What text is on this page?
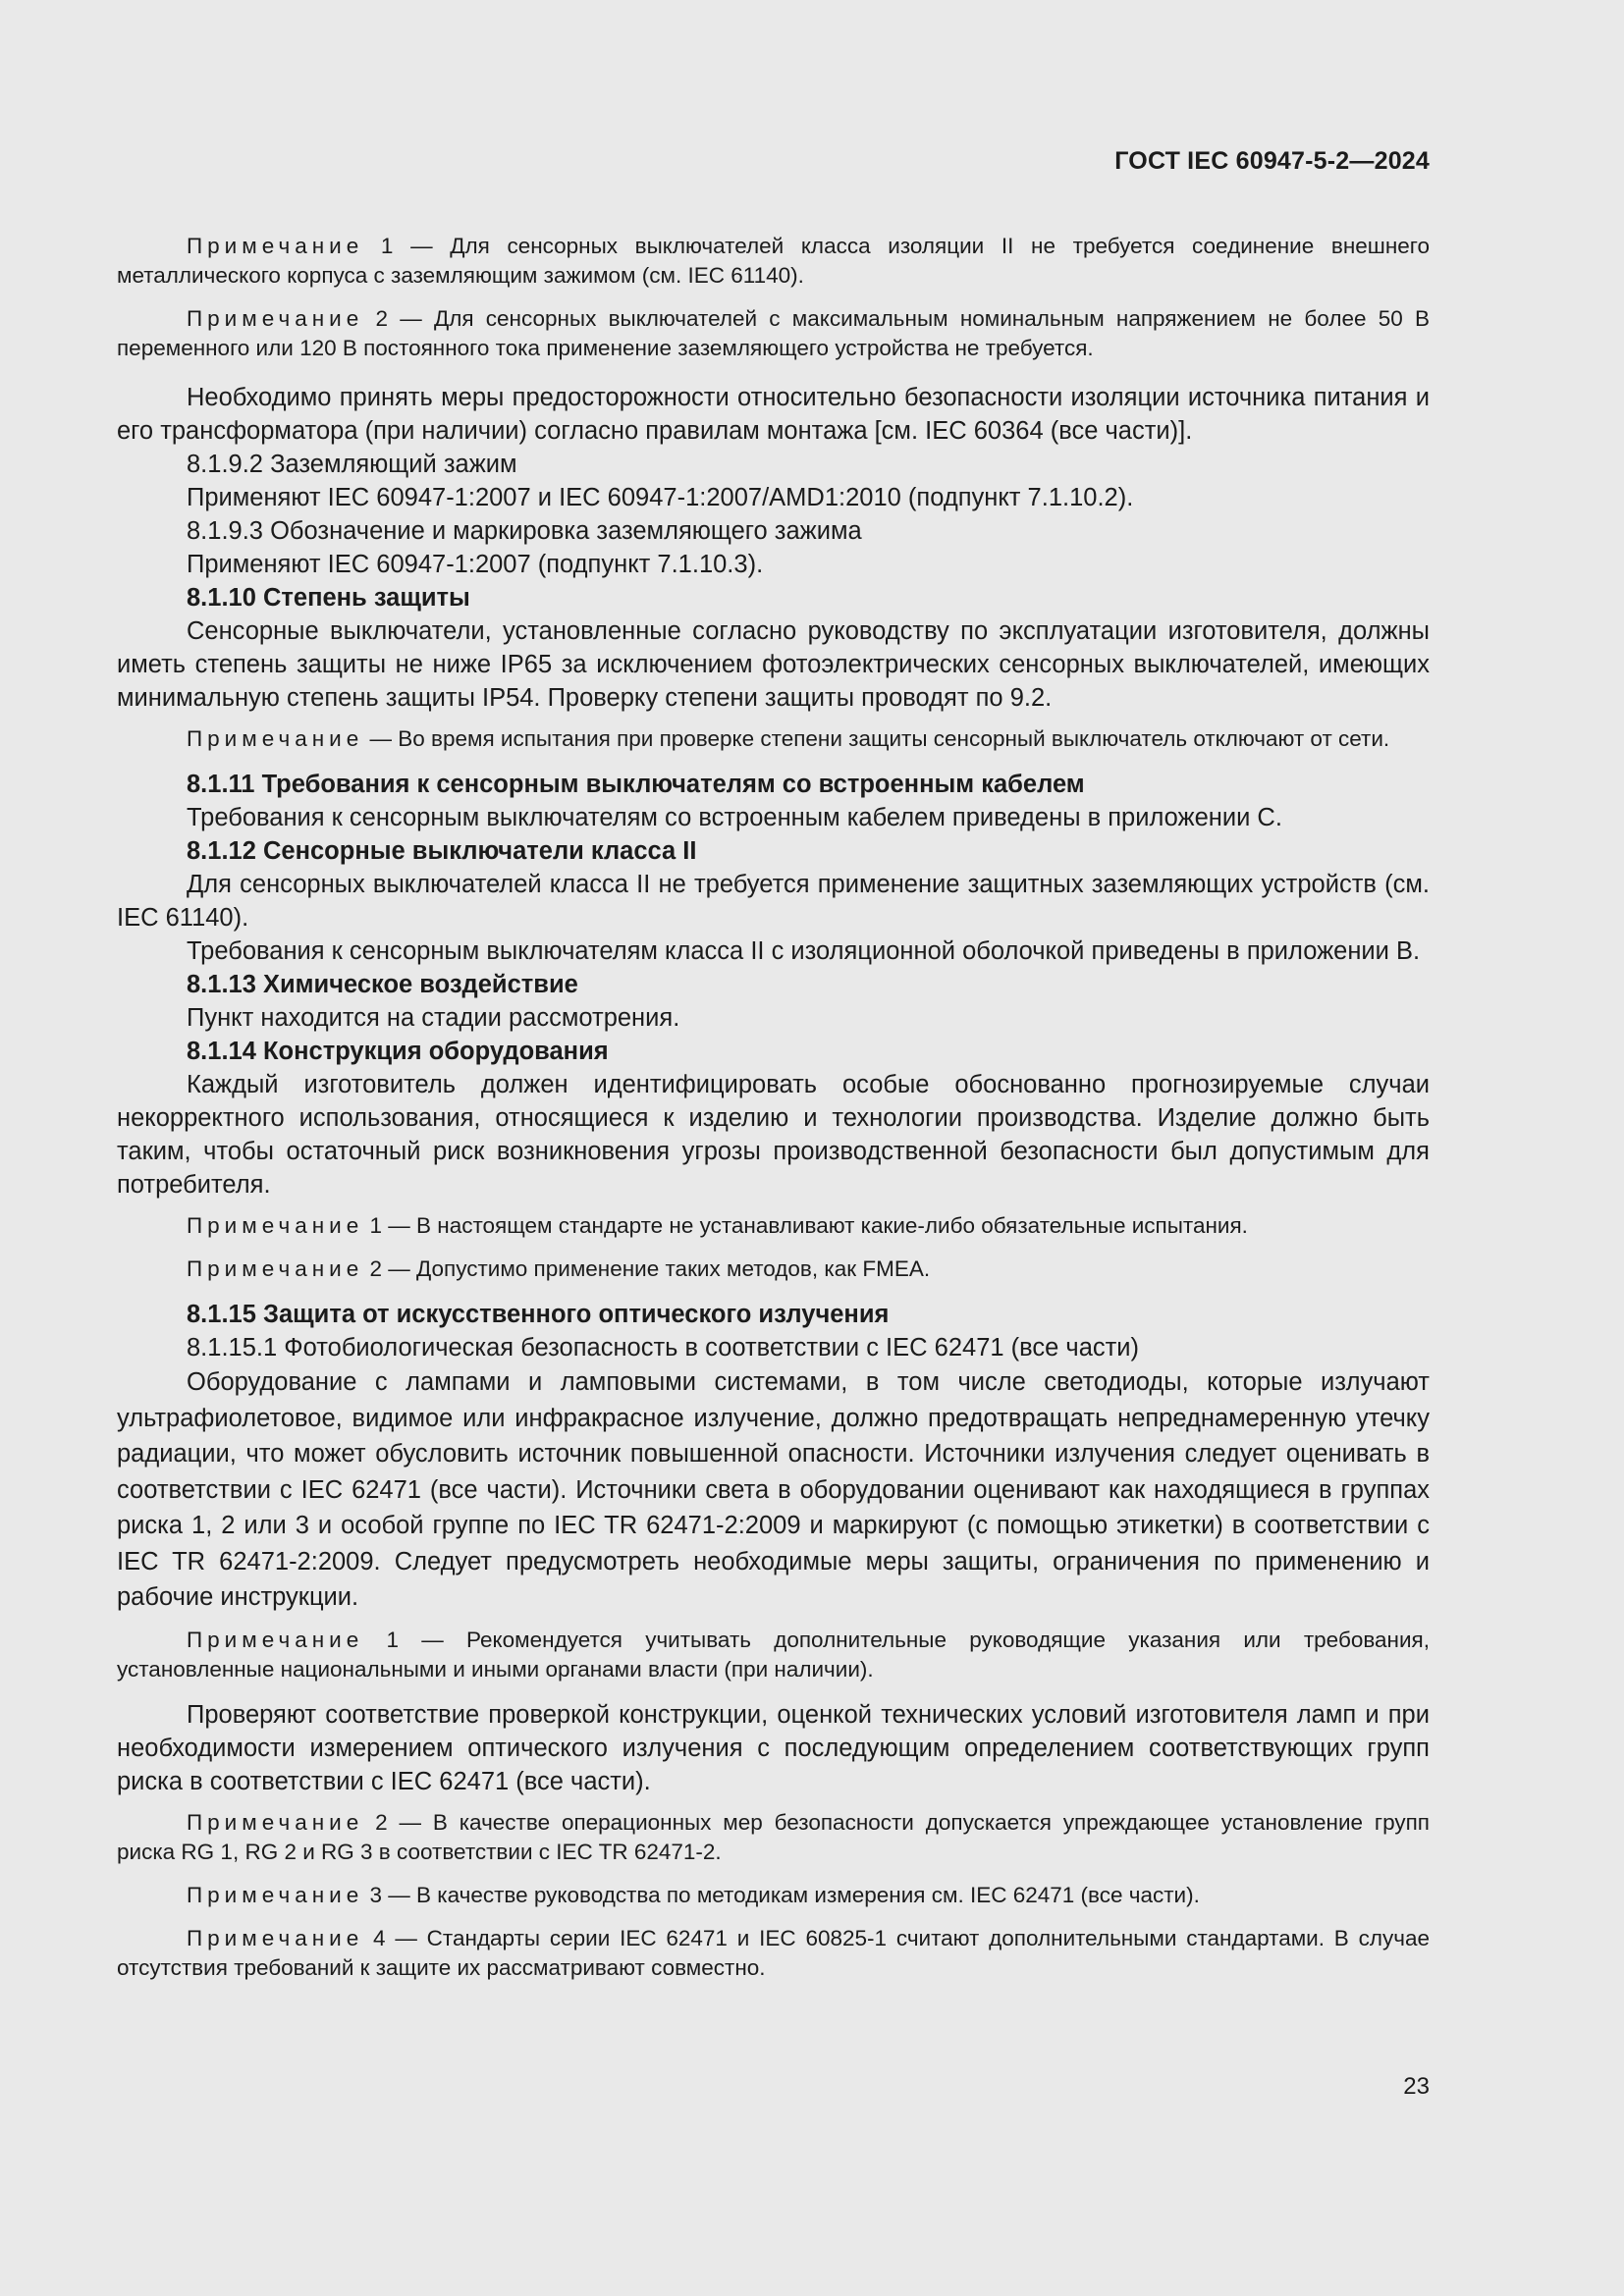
ГОСТ IEC 60947-5-2—2024
Примечание 1 — Для сенсорных выключателей класса изоляции II не требуется соединение внешнего металлического корпуса с заземляющим зажимом (см. IEC 61140).
Примечание 2 — Для сенсорных выключателей с максимальным номинальным напряжением не более 50 В переменного или 120 В постоянного тока применение заземляющего устройства не требуется.
Необходимо принять меры предосторожности относительно безопасности изоляции источника питания и его трансформатора (при наличии) согласно правилам монтажа [см. IEC 60364 (все части)].
8.1.9.2 Заземляющий зажим
Применяют IEC 60947-1:2007 и IEC 60947-1:2007/AMD1:2010 (подпункт 7.1.10.2).
8.1.9.3 Обозначение и маркировка заземляющего зажима
Применяют IEC 60947-1:2007 (подпункт 7.1.10.3).
8.1.10 Степень защиты
Сенсорные выключатели, установленные согласно руководству по эксплуатации изготовителя, должны иметь степень защиты не ниже IP65 за исключением фотоэлектрических сенсорных выключателей, имеющих минимальную степень защиты IP54. Проверку степени защиты проводят по 9.2.
Примечание — Во время испытания при проверке степени защиты сенсорный выключатель отключают от сети.
8.1.11 Требования к сенсорным выключателям со встроенным кабелем
Требования к сенсорным выключателям со встроенным кабелем приведены в приложении С.
8.1.12 Сенсорные выключатели класса II
Для сенсорных выключателей класса II не требуется применение защитных заземляющих устройств (см. IEC 61140).
Требования к сенсорным выключателям класса II с изоляционной оболочкой приведены в приложении В.
8.1.13 Химическое воздействие
Пункт находится на стадии рассмотрения.
8.1.14 Конструкция оборудования
Каждый изготовитель должен идентифицировать особые обоснованно прогнозируемые случаи некорректного использования, относящиеся к изделию и технологии производства. Изделие должно быть таким, чтобы остаточный риск возникновения угрозы производственной безопасности был допустимым для потребителя.
Примечание 1 — В настоящем стандарте не устанавливают какие-либо обязательные испытания.
Примечание 2 — Допустимо применение таких методов, как FMEA.
8.1.15 Защита от искусственного оптического излучения
8.1.15.1 Фотобиологическая безопасность в соответствии с IEC 62471 (все части)
Оборудование с лампами и ламповыми системами, в том числе светодиоды, которые излучают ультрафиолетовое, видимое или инфракрасное излучение, должно предотвращать непреднамеренную утечку радиации, что может обусловить источник повышенной опасности. Источники излучения следует оценивать в соответствии с IEC 62471 (все части). Источники света в оборудовании оценивают как находящиеся в группах риска 1, 2 или 3 и особой группе по IEC TR 62471-2:2009 и маркируют (с помощью этикетки) в соответствии с IEC TR 62471-2:2009. Следует предусмотреть необходимые меры защиты, ограничения по применению и рабочие инструкции.
Примечание 1 — Рекомендуется учитывать дополнительные руководящие указания или требования, установленные национальными и иными органами власти (при наличии).
Проверяют соответствие проверкой конструкции, оценкой технических условий изготовителя ламп и при необходимости измерением оптического излучения с последующим определением соответствующих групп риска в соответствии с IEC 62471 (все части).
Примечание 2 — В качестве операционных мер безопасности допускается упреждающее установление групп риска RG 1, RG 2 и RG 3 в соответствии с IEC TR 62471-2.
Примечание 3 — В качестве руководства по методикам измерения см. IEC 62471 (все части).
Примечание 4 — Стандарты серии IEC 62471 и IEC 60825-1 считают дополнительными стандартами. В случае отсутствия требований к защите их рассматривают совместно.
23
